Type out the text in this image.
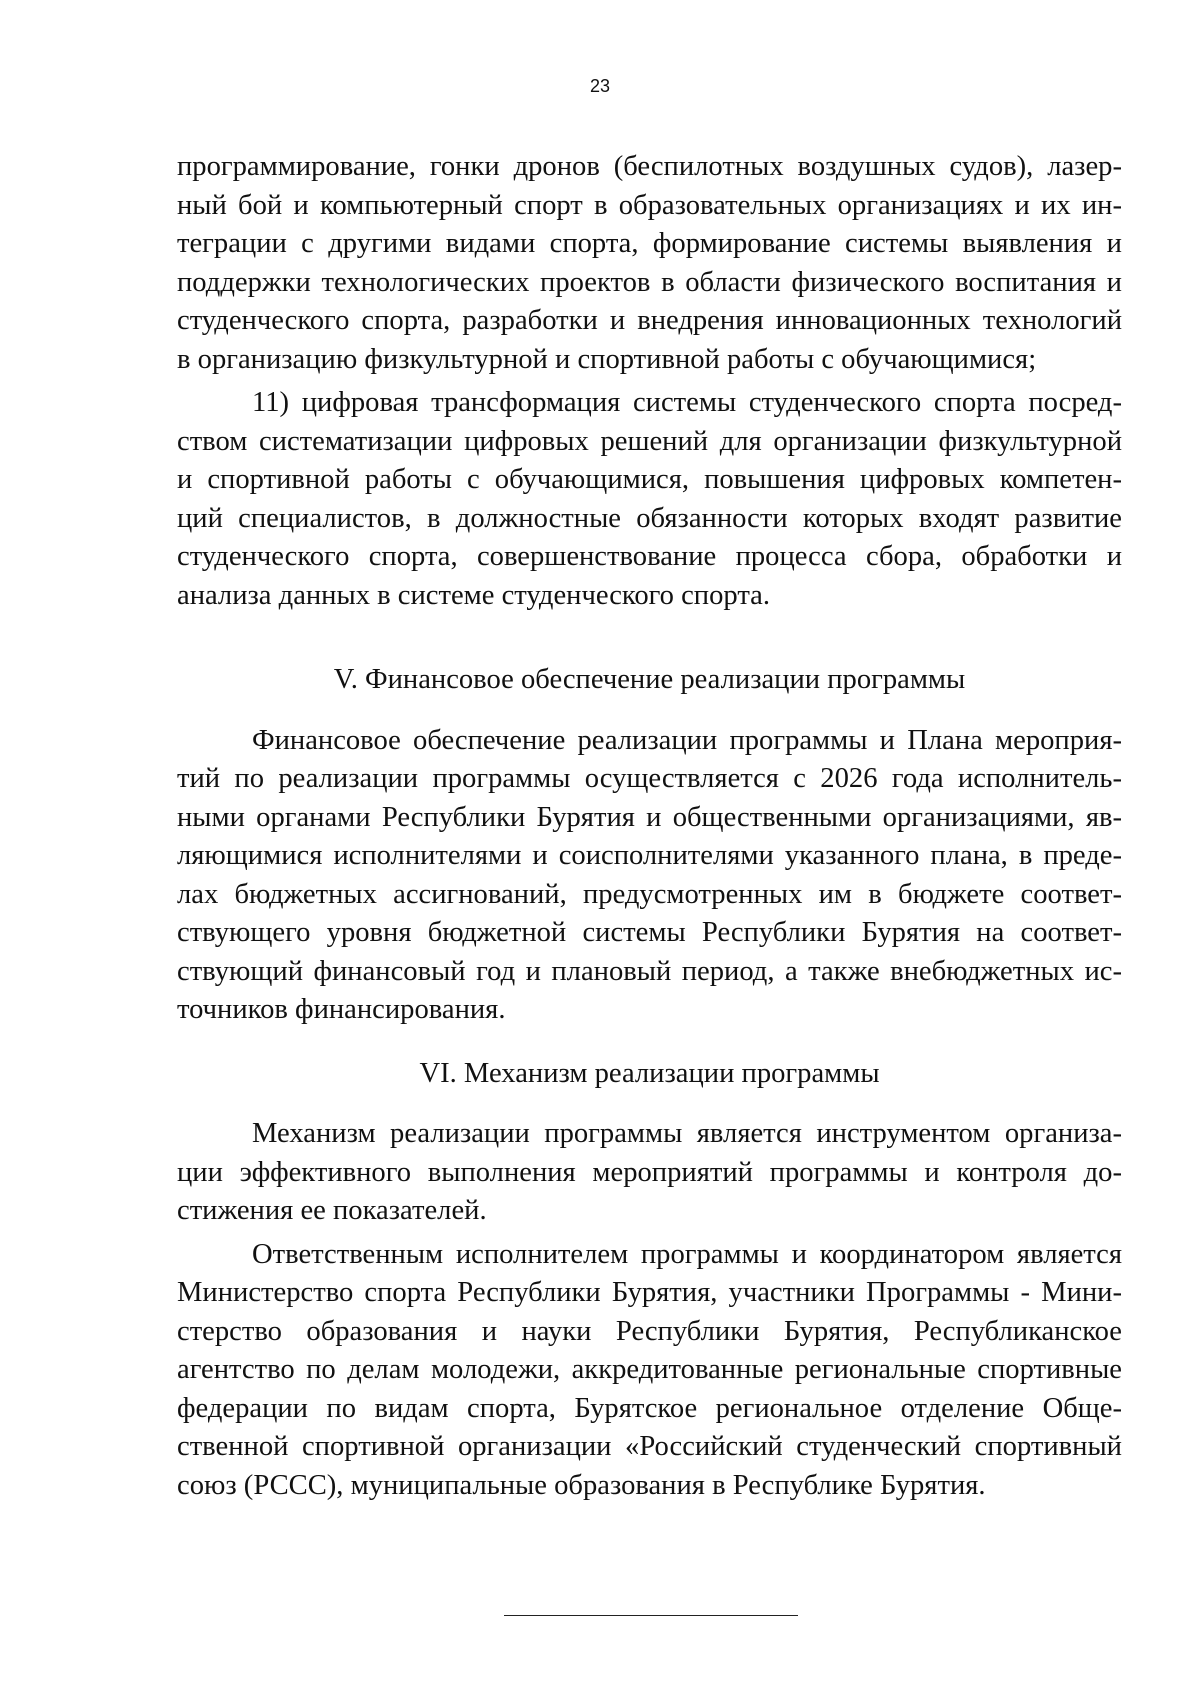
23
программирование, гонки дронов (беспилотных воздушных судов), лазер-
ный бой и компьютерный спорт в образовательных организациях и их ин-
теграции с другими видами спорта, формирование системы выявления и
поддержки технологических проектов в области физического воспитания и
студенческого спорта, разработки и внедрения инновационных технологий
в организацию физкультурной и спортивной работы с обучающимися;
11) цифровая трансформация системы студенческого спорта посред-
ством систематизации цифровых решений для организации физкультурной
и спортивной работы с обучающимися, повышения цифровых компетен-
ций специалистов, в должностные обязанности которых входят развитие
студенческого спорта, совершенствование процесса сбора, обработки и
анализа данных в системе студенческого спорта.
V. Финансовое обеспечение реализации программы
Финансовое обеспечение реализации программы и Плана мероприя-
тий по реализации программы осуществляется с 2026 года исполнитель-
ными органами Республики Бурятия и общественными организациями, яв-
ляющимися исполнителями и соисполнителями указанного плана, в преде-
лах бюджетных ассигнований, предусмотренных им в бюджете соответ-
ствующего уровня бюджетной системы Республики Бурятия на соответ-
ствующий финансовый год и плановый период, а также внебюджетных ис-
точников финансирования.
VI. Механизм реализации программы
Механизм реализации программы является инструментом организа-
ции эффективного выполнения мероприятий программы и контроля до-
стижения ее показателей.
Ответственным исполнителем программы и координатором является
Министерство спорта Республики Бурятия, участники Программы - Мини-
стерство образования и науки Республики Бурятия, Республиканское
агентство по делам молодежи, аккредитованные региональные спортивные
федерации по видам спорта, Бурятское региональное отделение Обще-
ственной спортивной организации «Российский студенческий спортивный
союз (РССС), муниципальные образования в Республике Бурятия.
